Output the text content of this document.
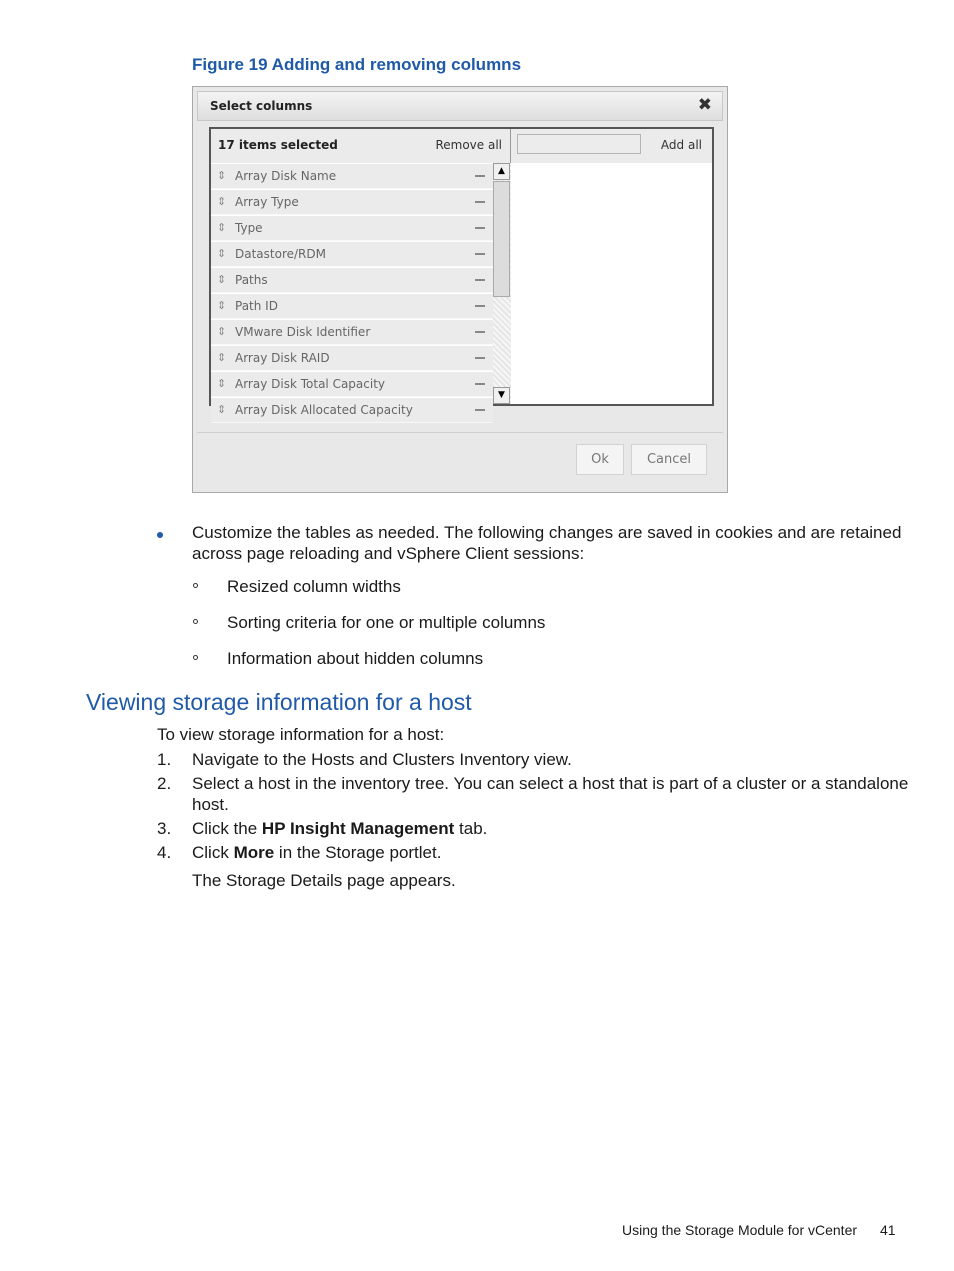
Figure 19 Adding and removing columns
Select columns	✖
17 items selected	Remove all
⇕ Array Disk Name
⇕ Array Type
⇕ Type
⇕ Datastore/RDM
⇕ Paths
⇕ Path ID
⇕ VMware Disk Identifier
⇕ Array Disk RAID
⇕ Array Disk Total Capacity
⇕ Array Disk Allocated Capacity
▲
▼
Add all
Ok	Cancel
Customize the tables as needed. The following changes are saved in cookies and are retained
across page reloading and vSphere Client sessions:
Resized column widths
Sorting criteria for one or multiple columns
Information about hidden columns
Viewing storage information for a host
To view storage information for a host:
1. Navigate to the Hosts and Clusters Inventory view.
2. Select a host in the inventory tree. You can select a host that is part of a cluster or a standalone
host.
3. Click the HP Insight Management tab.
4. Click More in the Storage portlet.
The Storage Details page appears.
Using the Storage Module for vCenter 41
